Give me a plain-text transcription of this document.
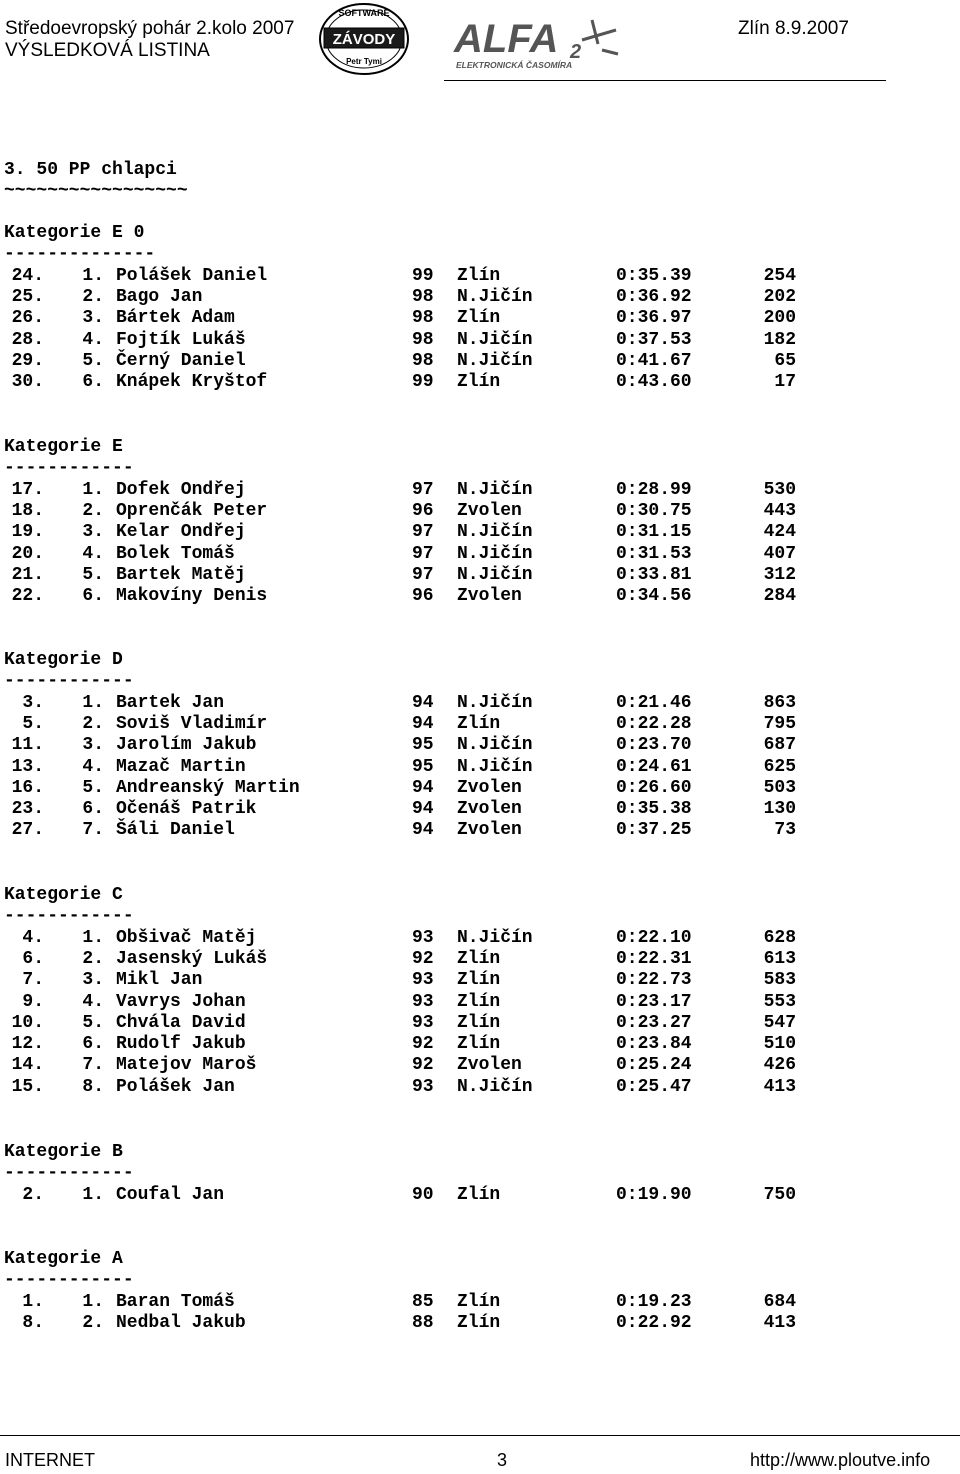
Středoevropský pohár 2.kolo 2007
VÝSLEDKOVÁ LISTINA
Zlín 8.9.2007
SOFTWARE
ZÁVODY
Petr Tymi
ALFA 2
ELEKTRONICKÁ ČASOMÍRA
3. 50 PP chlapci
~~~~~~~~~~~~~~~~~
Kategorie E 0
--------------
24.	1. Polášek Daniel	99 Zlín	0:35.39	254
25.	2. Bago Jan	98 N.Jičín	0:36.92	202
26.	3. Bártek Adam	98 Zlín	0:36.97	200
28.	4. Fojtík Lukáš	98 N.Jičín	0:37.53	182
29.	5. Černý Daniel	98 N.Jičín	0:41.67	65
30.	6. Knápek Kryštof	99 Zlín	0:43.60	17
Kategorie E
------------
17.	1. Dofek Ondřej	97 N.Jičín	0:28.99	530
18.	2. Oprenčák Peter	96 Zvolen	0:30.75	443
19.	3. Kelar Ondřej	97 N.Jičín	0:31.15	424
20.	4. Bolek Tomáš	97 N.Jičín	0:31.53	407
21.	5. Bartek Matěj	97 N.Jičín	0:33.81	312
22.	6. Makovíny Denis	96 Zvolen	0:34.56	284
Kategorie D
------------
3.	1. Bartek Jan	94 N.Jičín	0:21.46	863
5.	2. Soviš Vladimír	94 Zlín	0:22.28	795
11.	3. Jarolím Jakub	95 N.Jičín	0:23.70	687
13.	4. Mazač Martin	95 N.Jičín	0:24.61	625
16.	5. Andreanský Martin	94 Zvolen	0:26.60	503
23.	6. Očenáš Patrik	94 Zvolen	0:35.38	130
27.	7. Šáli Daniel	94 Zvolen	0:37.25	73
Kategorie C
------------
4.	1. Obšivač Matěj	93 N.Jičín	0:22.10	628
6.	2. Jasenský Lukáš	92 Zlín	0:22.31	613
7.	3. Mikl Jan	93 Zlín	0:22.73	583
9.	4. Vavrys Johan	93 Zlín	0:23.17	553
10.	5. Chvála David	93 Zlín	0:23.27	547
12.	6. Rudolf Jakub	92 Zlín	0:23.84	510
14.	7. Matejov Maroš	92 Zvolen	0:25.24	426
15.	8. Polášek Jan	93 N.Jičín	0:25.47	413
Kategorie B
------------
2.	1. Coufal Jan	90 Zlín	0:19.90	750
Kategorie A
------------
1.	1. Baran Tomáš	85 Zlín	0:19.23	684
8.	2. Nedbal Jakub	88 Zlín	0:22.92	413
INTERNET	3	http://www.ploutve.info
